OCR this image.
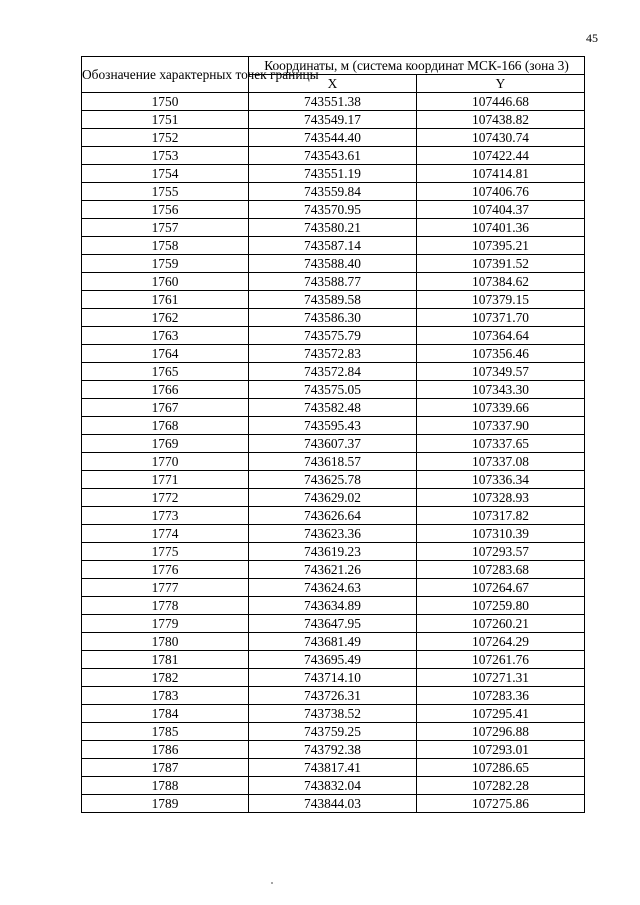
45
Обозначение характерных точек границы	Координаты, м (система координат МСК-166 (зона 3)	
	X	Y
1750	743551.38	107446.68
1751	743549.17	107438.82
1752	743544.40	107430.74
1753	743543.61	107422.44
1754	743551.19	107414.81
1755	743559.84	107406.76
1756	743570.95	107404.37
1757	743580.21	107401.36
1758	743587.14	107395.21
1759	743588.40	107391.52
1760	743588.77	107384.62
1761	743589.58	107379.15
1762	743586.30	107371.70
1763	743575.79	107364.64
1764	743572.83	107356.46
1765	743572.84	107349.57
1766	743575.05	107343.30
1767	743582.48	107339.66
1768	743595.43	107337.90
1769	743607.37	107337.65
1770	743618.57	107337.08
1771	743625.78	107336.34
1772	743629.02	107328.93
1773	743626.64	107317.82
1774	743623.36	107310.39
1775	743619.23	107293.57
1776	743621.26	107283.68
1777	743624.63	107264.67
1778	743634.89	107259.80
1779	743647.95	107260.21
1780	743681.49	107264.29
1781	743695.49	107261.76
1782	743714.10	107271.31
1783	743726.31	107283.36
1784	743738.52	107295.41
1785	743759.25	107296.88
1786	743792.38	107293.01
1787	743817.41	107286.65
1788	743832.04	107282.28
1789	743844.03	107275.86
